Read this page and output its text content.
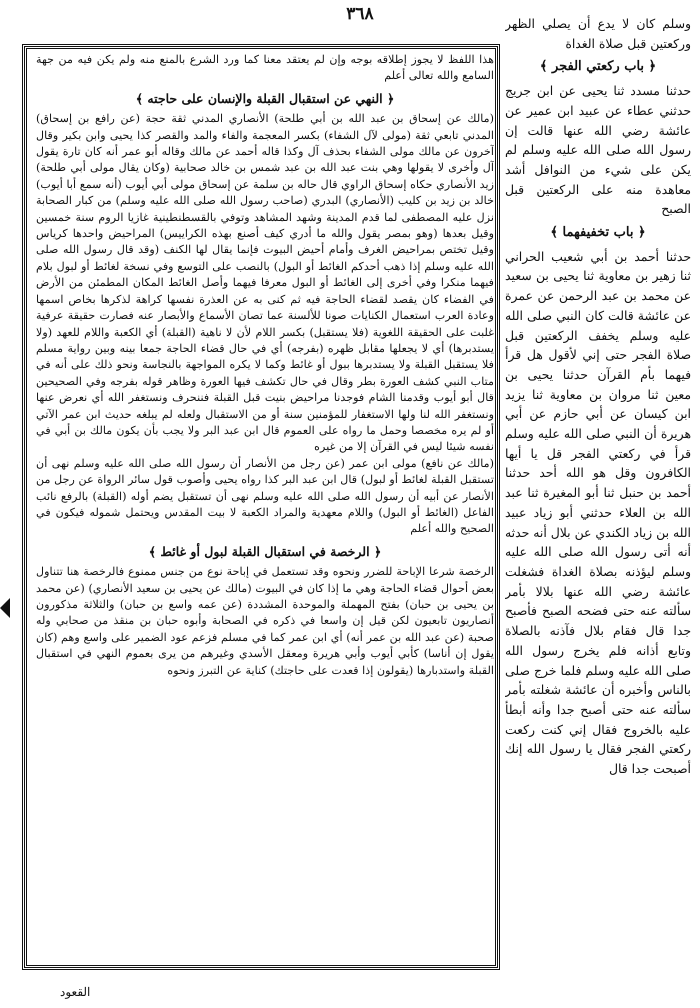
٣٦٨

هذا اللفظ لا يجوز إطلاقه بوجه وإن لم يعتقد معنا كما ورد الشرع بالمنع منه ولم يكن فيه من جهة السامع والله تعالى أعلم

﴿ النهي عن استقبال القبلة والإنسان على حاجته ﴾

(مالك عن إسحاق بن عبد الله بن أبي طلحة) الأنصاري المدني ثقة حجة (عن رافع بن إسحاق) المدني تابعي ثقة (مولى لآل الشفاء) بكسر المعجمة والفاء والمد والقصر كذا يحيى وابن بكير وقال آخرون عن مالك مولى الشفاء بحذف آل وكذا قاله أحمد عن مالك وقاله أبو عمر أنه كان تارة يقول آل وأخرى لا يقولها وهي بنت عبد الله بن عبد شمس بن خالد صحابية (وكان يقال مولى أبي طلحة) زيد الأنصاري حكاه إسحاق الراوي قال حاله بن سلمة عن إسحاق مولى أبي أيوب (أنه سمع أبا أيوب) خالد بن زيد بن كليب (الأنصاري) البدري (صاحب رسول الله صلى الله عليه وسلم) من كبار الصحابة نزل عليه المصطفى لما قدم المدينة وشهد المشاهد وتوفي بالقسطنطينية غازيا الروم سنة خمسين وقيل بعدها (وهو بمصر يقول والله ما أدري كيف أصنع بهذه الكراييس) المراحيض واحدها كرياس وقيل تختص بمراحيض الغرف وأمام أحيض البيوت فإنما يقال لها الكنف (وقد قال رسول الله صلى الله عليه وسلم إذا ذهب أحدكم الغائط أو البول) بالنصب على التوسع وفي نسخة لغائط أو لبول بلام فيهما منكرا وفي أخرى إلى الغائط أو البول معرفا فيهما وأصل الغائط المكان المطمئن من الأرض في الفضاء كان يقصد لقضاء الحاجة فيه ثم كنى به عن العذرة نفسها كراهة لذكرها بخاص اسمها وعادة العرب استعمال الكنايات صونا للألسنة عما تصان الأسماع والأبصار عنه فصارت حقيقة عرفية غلبت على الحقيقة اللغوية (فلا يستقبل) بكسر اللام لأن لا ناهية (القبلة) أي الكعبة واللام للعهد (ولا يستدبرها) أي لا يجعلها مقابل ظهره (بفرجه) أي في حال قضاء الحاجة جمعا بينه وبين رواية مسلم فلا يستقبل القبلة ولا يستدبرها ببول أو غائط وكما لا يكره المواجهة بالنجاسة ونحو ذلك على أنه في متاب النبي كشف العورة بطر وقال في حال تكشف فيها العورة وظاهر قوله بفرجه وفي الصحيحين قال أبو أيوب وقدمنا الشام فوجدنا مراحيض بنيت قبل القبلة فننحرف ونستغفر الله أي نعرض عنها ونستغفر الله لنا ولها الاستغفار للمؤمنين سنة أو من الاستقبال ولعله لم يبلغه حديث ابن عمر الآتي أو لم يره مخصصا وحمل ما رواه على العموم قال ابن عبد البر ولا يجب بأن يكون مالك بن أبي في نفسه شيئا ليس في القرآن إلا من غيره

(مالك عن نافع) مولى ابن عمر (عن رجل من الأنصار أن رسول الله صلى الله عليه وسلم نهى أن تستقبل القبلة لغائط أو لبول) قال ابن عبد البر كذا رواه يحيى وأصوب قول سائر الرواة عن رجل من الأنصار عن أبيه أن رسول الله صلى الله عليه وسلم نهى أن تستقبل يضم أوله (القبلة) بالرفع نائب الفاعل (الغائط أو البول) واللام معهدية والمراد الكعبة لا بيت المقدس ويحتمل شموله فيكون في الصحيح والله أعلم

﴿ الرخصة في استقبال القبلة لبول أو غائط ﴾

الرخصة شرعا الإباحة للضرر ونحوه وقد تستعمل في إباحة نوع من جنس ممنوع فالرخصة هنا تتناول بعض أحوال قضاء الحاجة وهي ما إذا كان في البيوت (مالك عن يحيى بن سعيد الأنصاري) (عن محمد بن يحيى بن حبان) بفتح المهملة والموحدة المشددة (عن عمه واسع بن حبان) والثلاثة مذكورون أنصاريون تابعيون لكن قيل إن واسعا في ذكره في الصحابة وأبوه حبان بن منقذ من صحابي وله صحبة (عن عبد الله بن عمر أنه) أي ابن عمر كما في مسلم فزعم عود الضمير على واسع وهم (كان يقول إن أناسا) كأبي أيوب وأبي هريرة ومعقل الأسدي وغيرهم من يرى بعموم النهي في استقبال القبلة واستدبارها (يقولون إذا قعدت على حاجتك) كناية عن التبرز ونحوه

القعود

وسلم كان لا يدع أن يصلي الظهر وركعتين قبل صلاة الغداة

﴿ باب ركعتي الفجر ﴾

حدثنا مسدد ثنا يحيى عن ابن جريج حدثني عطاء عن عبيد ابن عمير عن عائشة رضي الله عنها قالت إن رسول الله صلى الله عليه وسلم لم يكن على شيء من النوافل أشد معاهدة منه على الركعتين قبل الصبح

﴿ باب تخفيفهما ﴾

حدثنا أحمد بن أبي شعيب الحراني ثنا زهير بن معاوية ثنا يحيى بن سعيد عن محمد بن عبد الرحمن عن عمرة عن عائشة قالت كان النبي صلى الله عليه وسلم يخفف الركعتين قبل صلاة الفجر حتى إني لأقول هل قرأ فيهما بأم القرآن حدثنا يحيى بن معين ثنا مروان بن معاوية ثنا يزيد ابن كيسان عن أبي حازم عن أبي هريرة أن النبي صلى الله عليه وسلم قرأ في ركعتي الفجر قل يا أيها الكافرون وقل هو الله أحد حدثنا أحمد بن حنبل ثنا أبو المغيرة ثنا عبد الله بن العلاء حدثني أبو زياد عبيد الله بن زياد الكندي عن بلال أنه حدثه أنه أتى رسول الله صلى الله عليه وسلم ليؤذنه بصلاة الغداة فشغلت عائشة رضي الله عنها بلالا بأمر سألته عنه حتى فضحه الصبح فأصبح جدا قال فقام بلال فآذنه بالصلاة وتابع أذانه فلم يخرج رسول الله صلى الله عليه وسلم فلما خرج صلى بالناس وأخبره أن عائشة شغلته بأمر سألته عنه حتى أصبح جدا وأنه أبطأ عليه بالخروج فقال إني كنت ركعت ركعتي الفجر فقال يا رسول الله إنك أصبحت جدا قال
